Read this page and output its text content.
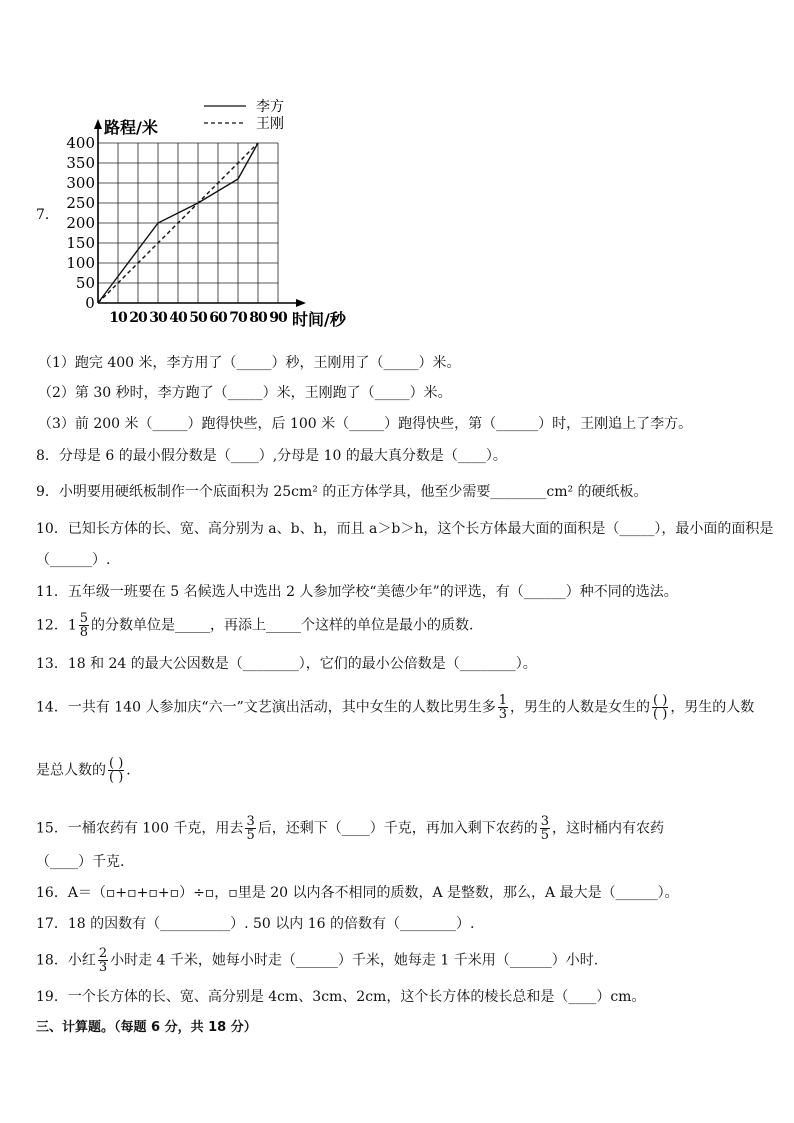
7．
50
100
150
200
250
300
350
400
0
10 20 30 40 50 60 70 80 90 时间/秒
路程/米
李方
王刚
（1）跑完 400 米，李方用了（_____）秒，王刚用了（_____）米。
（2）第 30 秒时，李方跑了（_____）米，王刚跑了（_____）米。
（3）前 200 米（_____）跑得快些，后 100 米（_____）跑得快些，第（______）时，王刚追上了李方。
8．分母是 6 的最小假分数是（____）,分母是 10 的最大真分数是（____）。
9．小明要用硬纸板制作一个底面积为 25cm² 的正方体学具，他至少需要________cm² 的硬纸板。
10．已知长方体的长、宽、高分别为 a、b、h，而且 a＞b＞h，这个长方体最大面的面积是（_____），最小面的面积是
（______）.
11．五年级一班要在 5 名候选人中选出 2 人参加学校“美德少年”的评选，有（______）种不同的选法。
12．$1 \frac{5}{8}$ 的分数单位是_____，再添上_____个这样的单位是最小的质数.
13．18 和 24 的最大公因数是（________），它们的最小公倍数是（________）。
14．一共有 140 人参加庆“六一”文艺演出活动，其中女生的人数比男生多 $\frac{1}{3}$ ，男生的人数是女生的 $\frac{( )}{( )}$ ，男生的人数
是总人数的 $\frac{( )}{( )}$ ．
15．一桶农药有 100 千克，用去 $\frac{3}{5}$ 后，还剩下（____）千克，再加入剩下农药的 $\frac{3}{5}$ ，这时桶内有农药
（____）千克.
16．A＝（▫+▫+▫+▫）÷▫，▫里是 20 以内各不相同的质数，A 是整数，那么，A 最大是（______）。
17．18 的因数有（__________）. 50 以内 16 的倍数有（________）.
18．小红 $\frac{2}{3}$ 小时走 4 千米，她每小时走（______）千米，她每走 1 千米用（______）小时.
19．一个长方体的长、宽、高分别是 4cm、3cm、2cm，这个长方体的棱长总和是（____）cm。
三、计算题。（每题 6 分，共 18 分）
